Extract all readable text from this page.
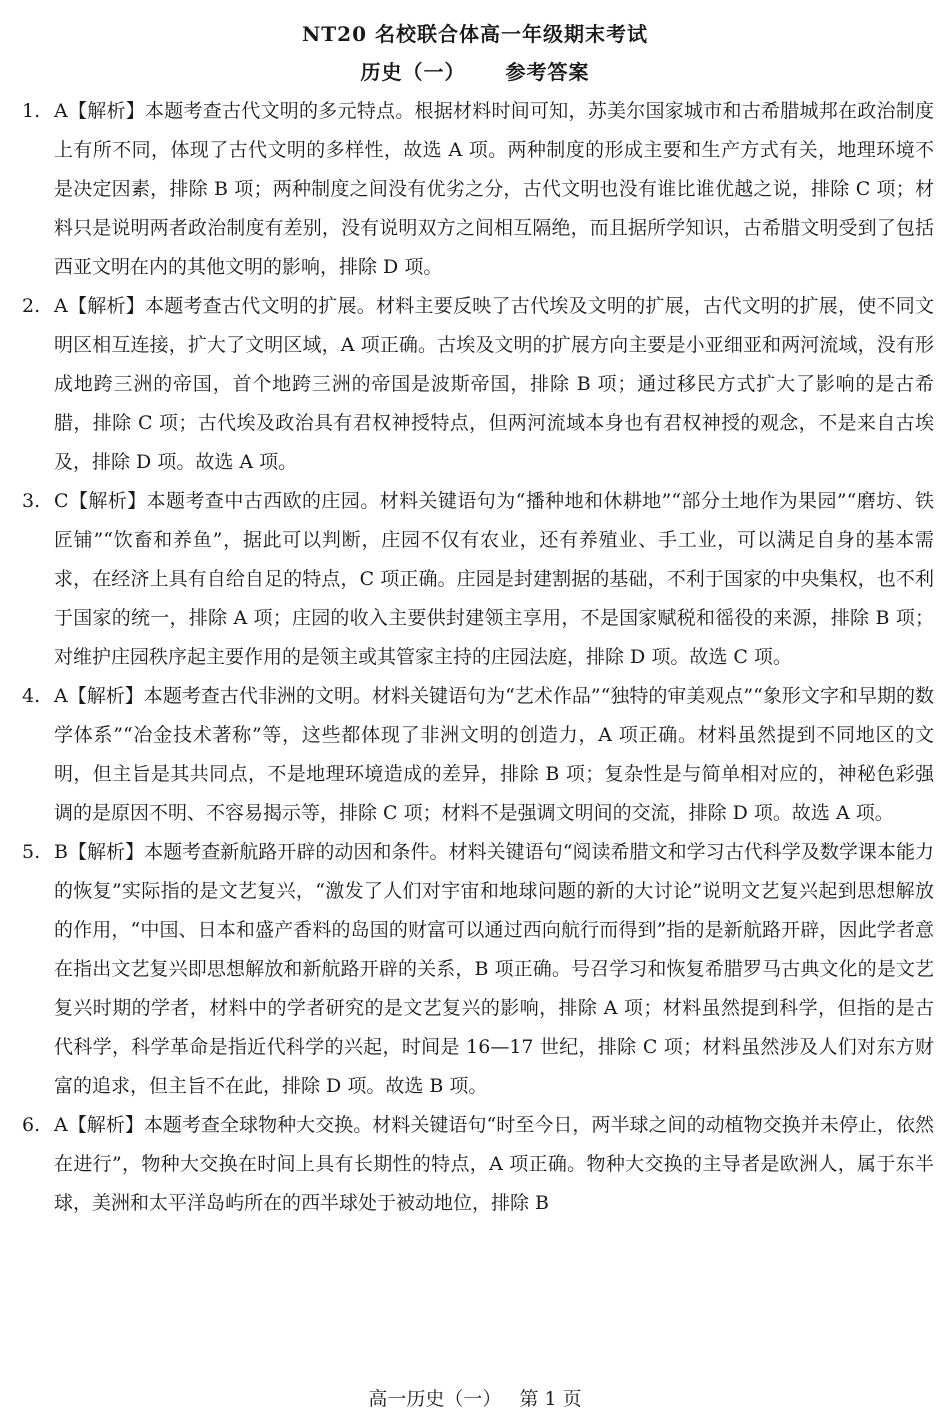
NT20 名校联合体高一年级期末考试
历史（一） 参考答案

1. A【解析】本题考查古代文明的多元特点。根据材料时间可知，苏美尔国家城市和古希腊城邦在政治制度上有所不同，体现了古代文明的多样性，故选 A 项。两种制度的形成主要和生产方式有关，地理环境不是决定因素，排除 B 项；两种制度之间没有优劣之分，古代文明也没有谁比谁优越之说，排除 C 项；材料只是说明两者政治制度有差别，没有说明双方之间相互隔绝，而且据所学知识，古希腊文明受到了包括西亚文明在内的其他文明的影响，排除 D 项。

2. A【解析】本题考查古代文明的扩展。材料主要反映了古代埃及文明的扩展，古代文明的扩展，使不同文明区相互连接，扩大了文明区域，A 项正确。古埃及文明的扩展方向主要是小亚细亚和两河流域，没有形成地跨三洲的帝国，首个地跨三洲的帝国是波斯帝国，排除 B 项；通过移民方式扩大了影响的是古希腊，排除 C 项；古代埃及政治具有君权神授特点，但两河流域本身也有君权神授的观念，不是来自古埃及，排除 D 项。故选 A 项。

3. C【解析】本题考查中古西欧的庄园。材料关键语句为“播种地和休耕地”“部分土地作为果园”“磨坊、铁匠铺”“饮畜和养鱼”，据此可以判断，庄园不仅有农业，还有养殖业、手工业，可以满足自身的基本需求，在经济上具有自给自足的特点，C 项正确。庄园是封建割据的基础，不利于国家的中央集权，也不利于国家的统一，排除 A 项；庄园的收入主要供封建领主享用，不是国家赋税和徭役的来源，排除 B 项；对维护庄园秩序起主要作用的是领主或其管家主持的庄园法庭，排除 D 项。故选 C 项。

4. A【解析】本题考查古代非洲的文明。材料关键语句为“艺术作品”“独特的审美观点”“象形文字和早期的数学体系”“冶金技术著称”等，这些都体现了非洲文明的创造力，A 项正确。材料虽然提到不同地区的文明，但主旨是其共同点，不是地理环境造成的差异，排除 B 项；复杂性是与简单相对应的，神秘色彩强调的是原因不明、不容易揭示等，排除 C 项；材料不是强调文明间的交流，排除 D 项。故选 A 项。

5. B【解析】本题考查新航路开辟的动因和条件。材料关键语句“阅读希腊文和学习古代科学及数学课本能力的恢复”实际指的是文艺复兴，“激发了人们对宇宙和地球问题的新的大讨论”说明文艺复兴起到思想解放的作用，“中国、日本和盛产香料的岛国的财富可以通过西向航行而得到”指的是新航路开辟，因此学者意在指出文艺复兴即思想解放和新航路开辟的关系，B 项正确。号召学习和恢复希腊罗马古典文化的是文艺复兴时期的学者，材料中的学者研究的是文艺复兴的影响，排除 A 项；材料虽然提到科学，但指的是古代科学，科学革命是指近代科学的兴起，时间是 16—17 世纪，排除 C 项；材料虽然涉及人们对东方财富的追求，但主旨不在此，排除 D 项。故选 B 项。

6. A【解析】本题考查全球物种大交换。材料关键语句“时至今日，两半球之间的动植物交换并未停止，依然在进行”，物种大交换在时间上具有长期性的特点，A 项正确。物种大交换的主导者是欧洲人，属于东半球，美洲和太平洋岛屿所在的西半球处于被动地位，排除 B

高一历史（一） 第 1 页
